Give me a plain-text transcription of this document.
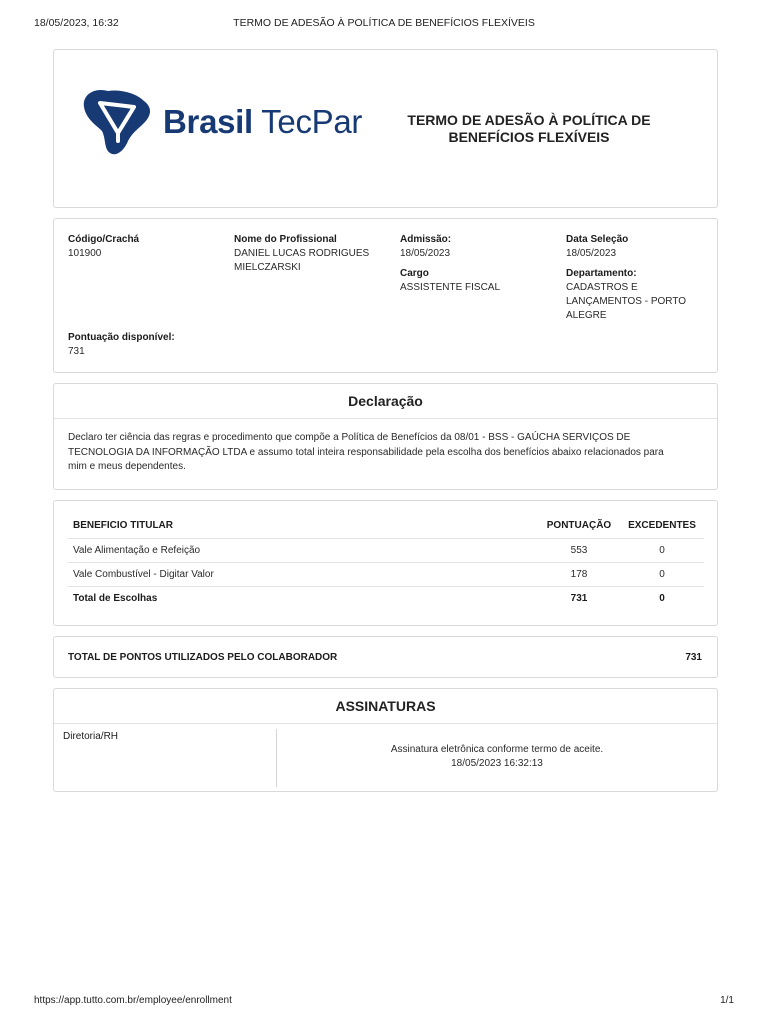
18/05/2023, 16:32	TERMO DE ADESÃO À POLÍTICA DE BENEFÍCIOS FLEXÍVEIS
Brasil TecPar	TERMO DE ADESÃO À POLÍTICA DE
BENEFÍCIOS FLEXÍVEIS
Código/Crachá
101900
Nome do Profissional
DANIEL LUCAS RODRIGUES
MIELCZARSKI
Admissão:
18/05/2023
Data Seleção
18/05/2023
Cargo
ASSISTENTE FISCAL
Departamento:
CADASTROS E
LANÇAMENTOS - PORTO
ALEGRE
Pontuação disponível:
731
Declaração
Declaro ter ciência das regras e procedimento que compõe a Política de Benefícios da 08/01 - BSS - GAÚCHA SERVIÇOS DE
TECNOLOGIA DA INFORMAÇÃO LTDA e assumo total inteira responsabilidade pela escolha dos benefícios abaixo relacionados para
mim e meus dependentes.
BENEFICIO TITULAR	PONTUAÇÃO	EXCEDENTES
Vale Alimentação e Refeição	553	0
Vale Combustível - Digitar Valor	178	0
Total de Escolhas	731	0
TOTAL DE PONTOS UTILIZADOS PELO COLABORADOR	731
ASSINATURAS
Diretoria/RH
Assinatura eletrônica conforme termo de aceite.
18/05/2023 16:32:13
https://app.tutto.com.br/employee/enrollment	1/1
